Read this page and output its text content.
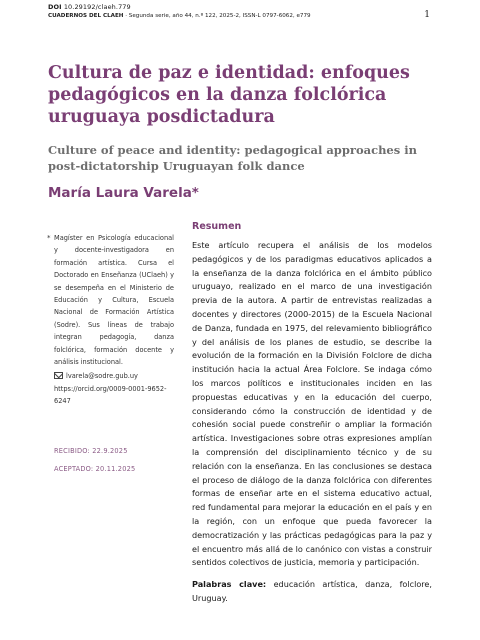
DOI 10.29192/claeh.779
CUADERNOS DEL CLAEH · Segunda serie, año 44, n.º 122, 2025-2, ISSN-L 0797-6062, e779	1
Cultura de paz e identidad: enfoques pedagógicos en la danza folclórica uruguaya posdictadura
Culture of peace and identity: pedagogical approaches in post-dictatorship Uruguayan folk dance
María Laura Varela*
* Magíster en Psicología educacional y docente-investigadora en formación artística. Cursa el Doctorado en Enseñanza (UClaeh) y se desempeña en el Ministerio de Educación y Cultura, Escuela Nacional de Formación Artística (Sodre). Sus líneas de trabajo integran pedagogía, danza folclórica, formación docente y análisis institucional.

lvarela@sodre.gub.uy
https://orcid.org/0009-0001-9652-6247
RECIBIDO: 22.9.2025
ACEPTADO: 20.11.2025
Resumen

Este artículo recupera el análisis de los modelos pedagógicos y de los paradigmas educativos aplicados a la enseñanza de la danza folclórica en el ámbito público uruguayo, realizado en el marco de una investigación previa de la autora. A partir de entrevistas realizadas a docentes y directores (2000-2015) de la Escuela Nacional de Danza, fundada en 1975, del relevamiento bibliográfico y del análisis de los planes de estudio, se describe la evolución de la formación en la División Folclore de dicha institución hacia la actual Área Folclore. Se indaga cómo los marcos políticos e institucionales inciden en las propuestas educativas y en la educación del cuerpo, considerando cómo la construcción de identidad y de cohesión social puede constreñir o ampliar la formación artística. Investigaciones sobre otras expresiones amplían la comprensión del disciplinamiento técnico y de su relación con la enseñanza. En las conclusiones se destaca el proceso de diálogo de la danza folclórica con diferentes formas de enseñar arte en el sistema educativo actual, red fundamental para mejorar la educación en el país y en la región, con un enfoque que pueda favorecer la democratización y las prácticas pedagógicas para la paz y el encuentro más allá de lo canónico con vistas a construir sentidos colectivos de justicia, memoria y participación.

Palabras clave: educación artística, danza, folclore, Uruguay.
